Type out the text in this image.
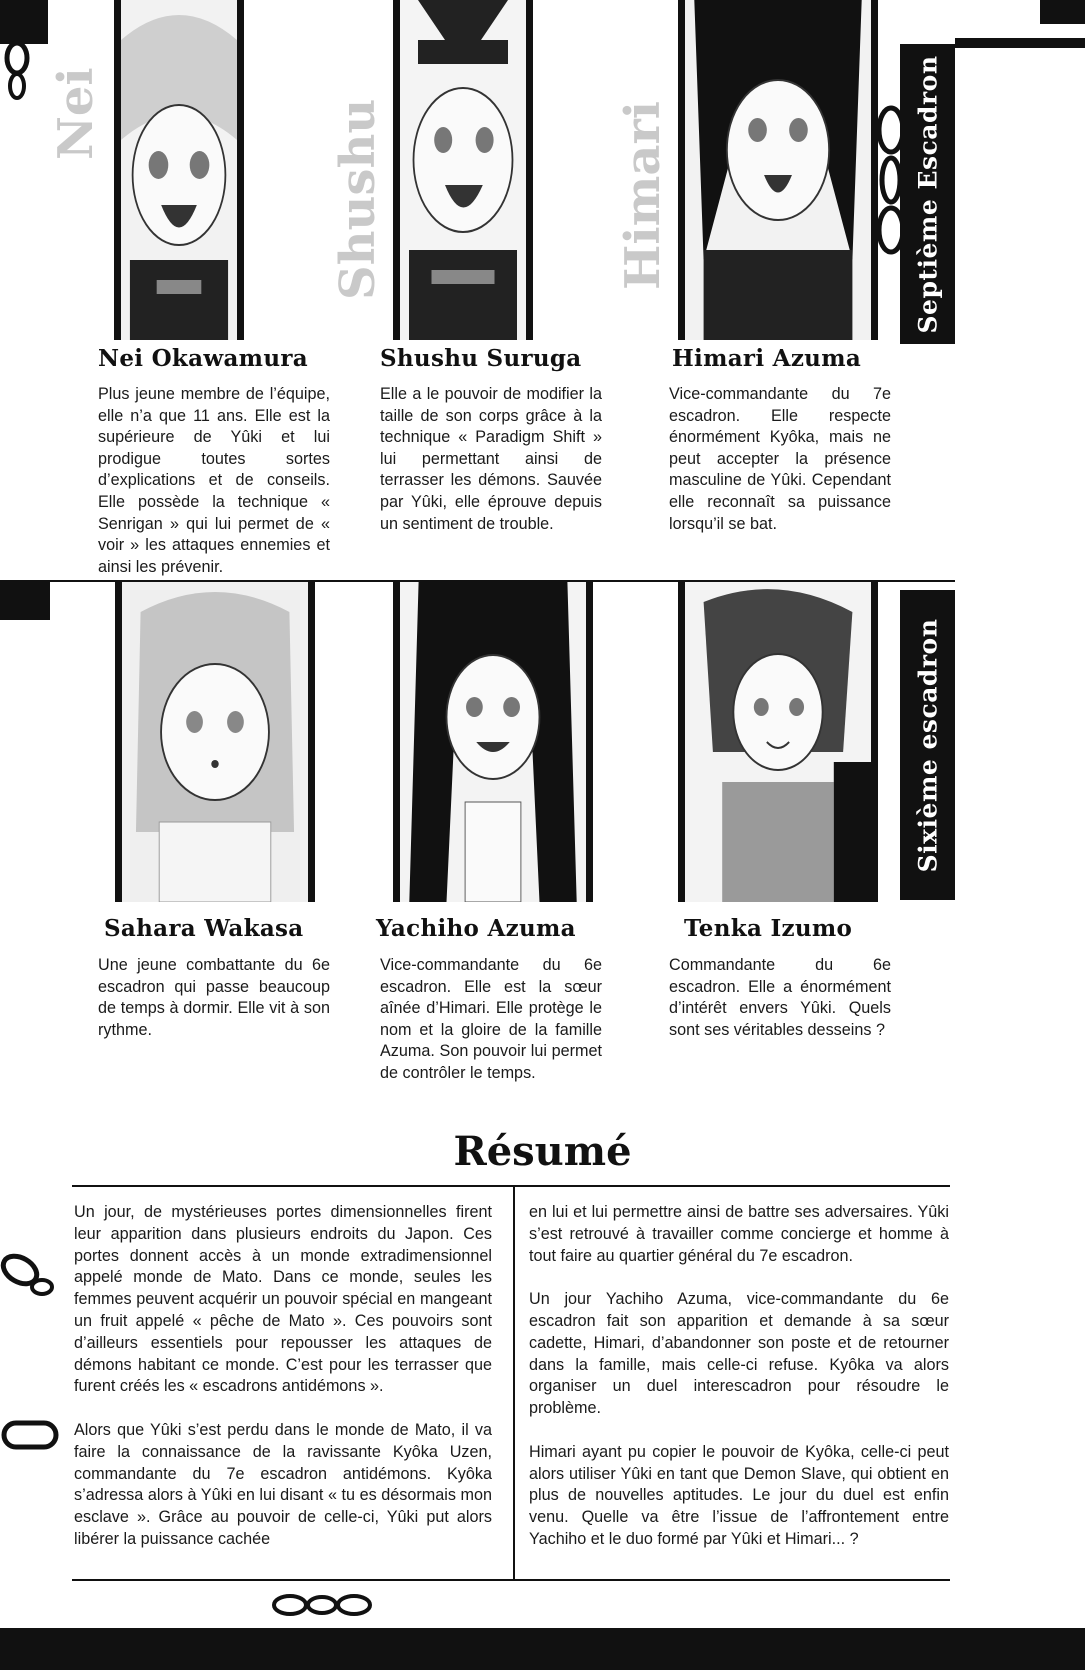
Septième Escadron
Sixième escadron
Nei	Shushu	Himari
Nei Okawamura	Shushu Suruga	Himari Azuma
Plus jeune membre de l’équipe, elle n’a que 11 ans. Elle est la supérieure de Yûki et lui prodigue toutes sortes d’explications et de conseils. Elle possède la technique « Senrigan » qui lui permet de « voir » les attaques ennemies et ainsi les prévenir.
Elle a le pouvoir de modifier la taille de son corps grâce à la technique « Paradigm Shift » lui permettant ainsi de terrasser les démons. Sauvée par Yûki, elle éprouve depuis un sentiment de trouble.
Vice-commandante du 7e escadron. Elle respecte énormément Kyôka, mais ne peut accepter la présence masculine de Yûki. Cependant elle reconnaît sa puissance lorsqu’il se bat.
Sahara Wakasa	Yachiho Azuma	Tenka Izumo
Une jeune combattante du 6e escadron qui passe beaucoup de temps à dormir. Elle vit à son rythme.
Vice-commandante du 6e escadron. Elle est la sœur aînée d’Himari. Elle protège le nom et la gloire de la famille Azuma. Son pouvoir lui permet de contrôler le temps.
Commandante du 6e escadron. Elle a énormément d’intérêt envers Yûki. Quels sont ses véritables desseins ?
Résumé

Un jour, de mystérieuses portes dimensionnelles firent leur apparition dans plusieurs endroits du Japon. Ces portes donnent accès à un monde extradimensionnel appelé monde de Mato. Dans ce monde, seules les femmes peuvent acquérir un pouvoir spécial en mangeant un fruit appelé « pêche de Mato ». Ces pouvoirs sont d’ailleurs essentiels pour repousser les attaques de démons habitant ce monde. C’est pour les terrasser que furent créés les « escadrons antidémons ».

Alors que Yûki s’est perdu dans le monde de Mato, il va faire la connaissance de la ravissante Kyôka Uzen, commandante du 7e escadron antidémons. Kyôka s’adressa alors à Yûki en lui disant « tu es désormais mon esclave ». Grâce au pouvoir de celle-ci, Yûki put alors libérer la puissance cachée

en lui et lui permettre ainsi de battre ses adversaires. Yûki s’est retrouvé à travailler comme concierge et homme à tout faire au quartier général du 7e escadron.

Un jour Yachiho Azuma, vice-commandante du 6e escadron fait son apparition et demande à sa sœur cadette, Himari, d’abandonner son poste et de retourner dans la famille, mais celle-ci refuse. Kyôka va alors organiser un duel interescadron pour résoudre le problème.

Himari ayant pu copier le pouvoir de Kyôka, celle-ci peut alors utiliser Yûki en tant que Demon Slave, qui obtient en plus de nouvelles aptitudes. Le jour du duel est enfin venu. Quelle va être l’issue de l’affrontement entre Yachiho et le duo formé par Yûki et Himari... ?
